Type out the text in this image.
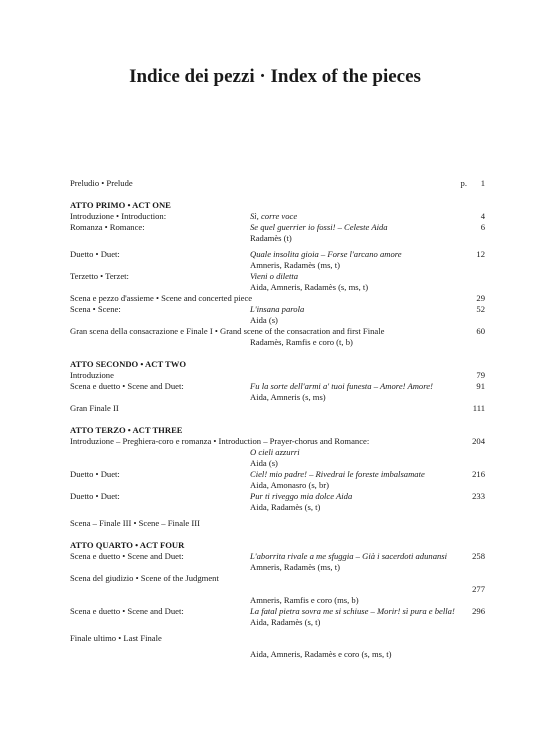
Indice dei pezzi · Index of the pieces
Preludio • Prelude	p. 1
ATTO PRIMO • ACT ONE
Introduzione • Introduction:	Sì, corre voce	4
Romanza • Romance:	Se quel guerrier io fossi! – Celeste Aida	6
Radamès (t)
Duetto • Duet:	Quale insolita gioia – Forse l'arcano amore	12
Amneris, Radamès (ms, t)
Terzetto • Terzet:	Vieni o diletta
Aida, Amneris, Radamès (s, ms, t)
Scena e pezzo d'assieme • Scene and concerted piece	29
Scena • Scene:	L'insana parola	52
Aida (s)
Gran scena della consacrazione e Finale I • Grand scene of the consacration and first Finale	60
Radamès, Ramfis e coro (t, b)
ATTO SECONDO • ACT TWO
Introduzione	79
Scena e duetto • Scene and Duet:	Fu la sorte dell'armi a' tuoi funesta – Amore! Amore!	91
Aida, Amneris (s, ms)
Gran Finale II	111
ATTO TERZO • ACT THREE
Introduzione – Preghiera-coro e romanza • Introduction – Prayer-chorus and Romance:	204
O cieli azzurri
Aida (s)
Duetto • Duet:	Ciel! mio padre! – Rivedrai le foreste imbalsamate	216
Aida, Amonasro (s, br)
Duetto • Duet:	Pur ti riveggo mia dolce Aida	233
Aida, Radamès (s, t)
Scena – Finale III • Scene – Finale III
ATTO QUARTO • ACT FOUR
Scena e duetto • Scene and Duet:	L'aborrita rivale a me sfuggia – Già i sacerdoti adunansi	258
Amneris, Radamès (ms, t)
Scena del giudizio • Scene of the Judgment
277
Amneris, Ramfis e coro (ms, b)
Scena e duetto • Scene and Duet:	La fatal pietra sovra me si schiuse – Morir! sì pura e bella! 296
Aida, Radamès (s, t)
Finale ultimo • Last Finale
Aida, Amneris, Radamès e coro (s, ms, t)
